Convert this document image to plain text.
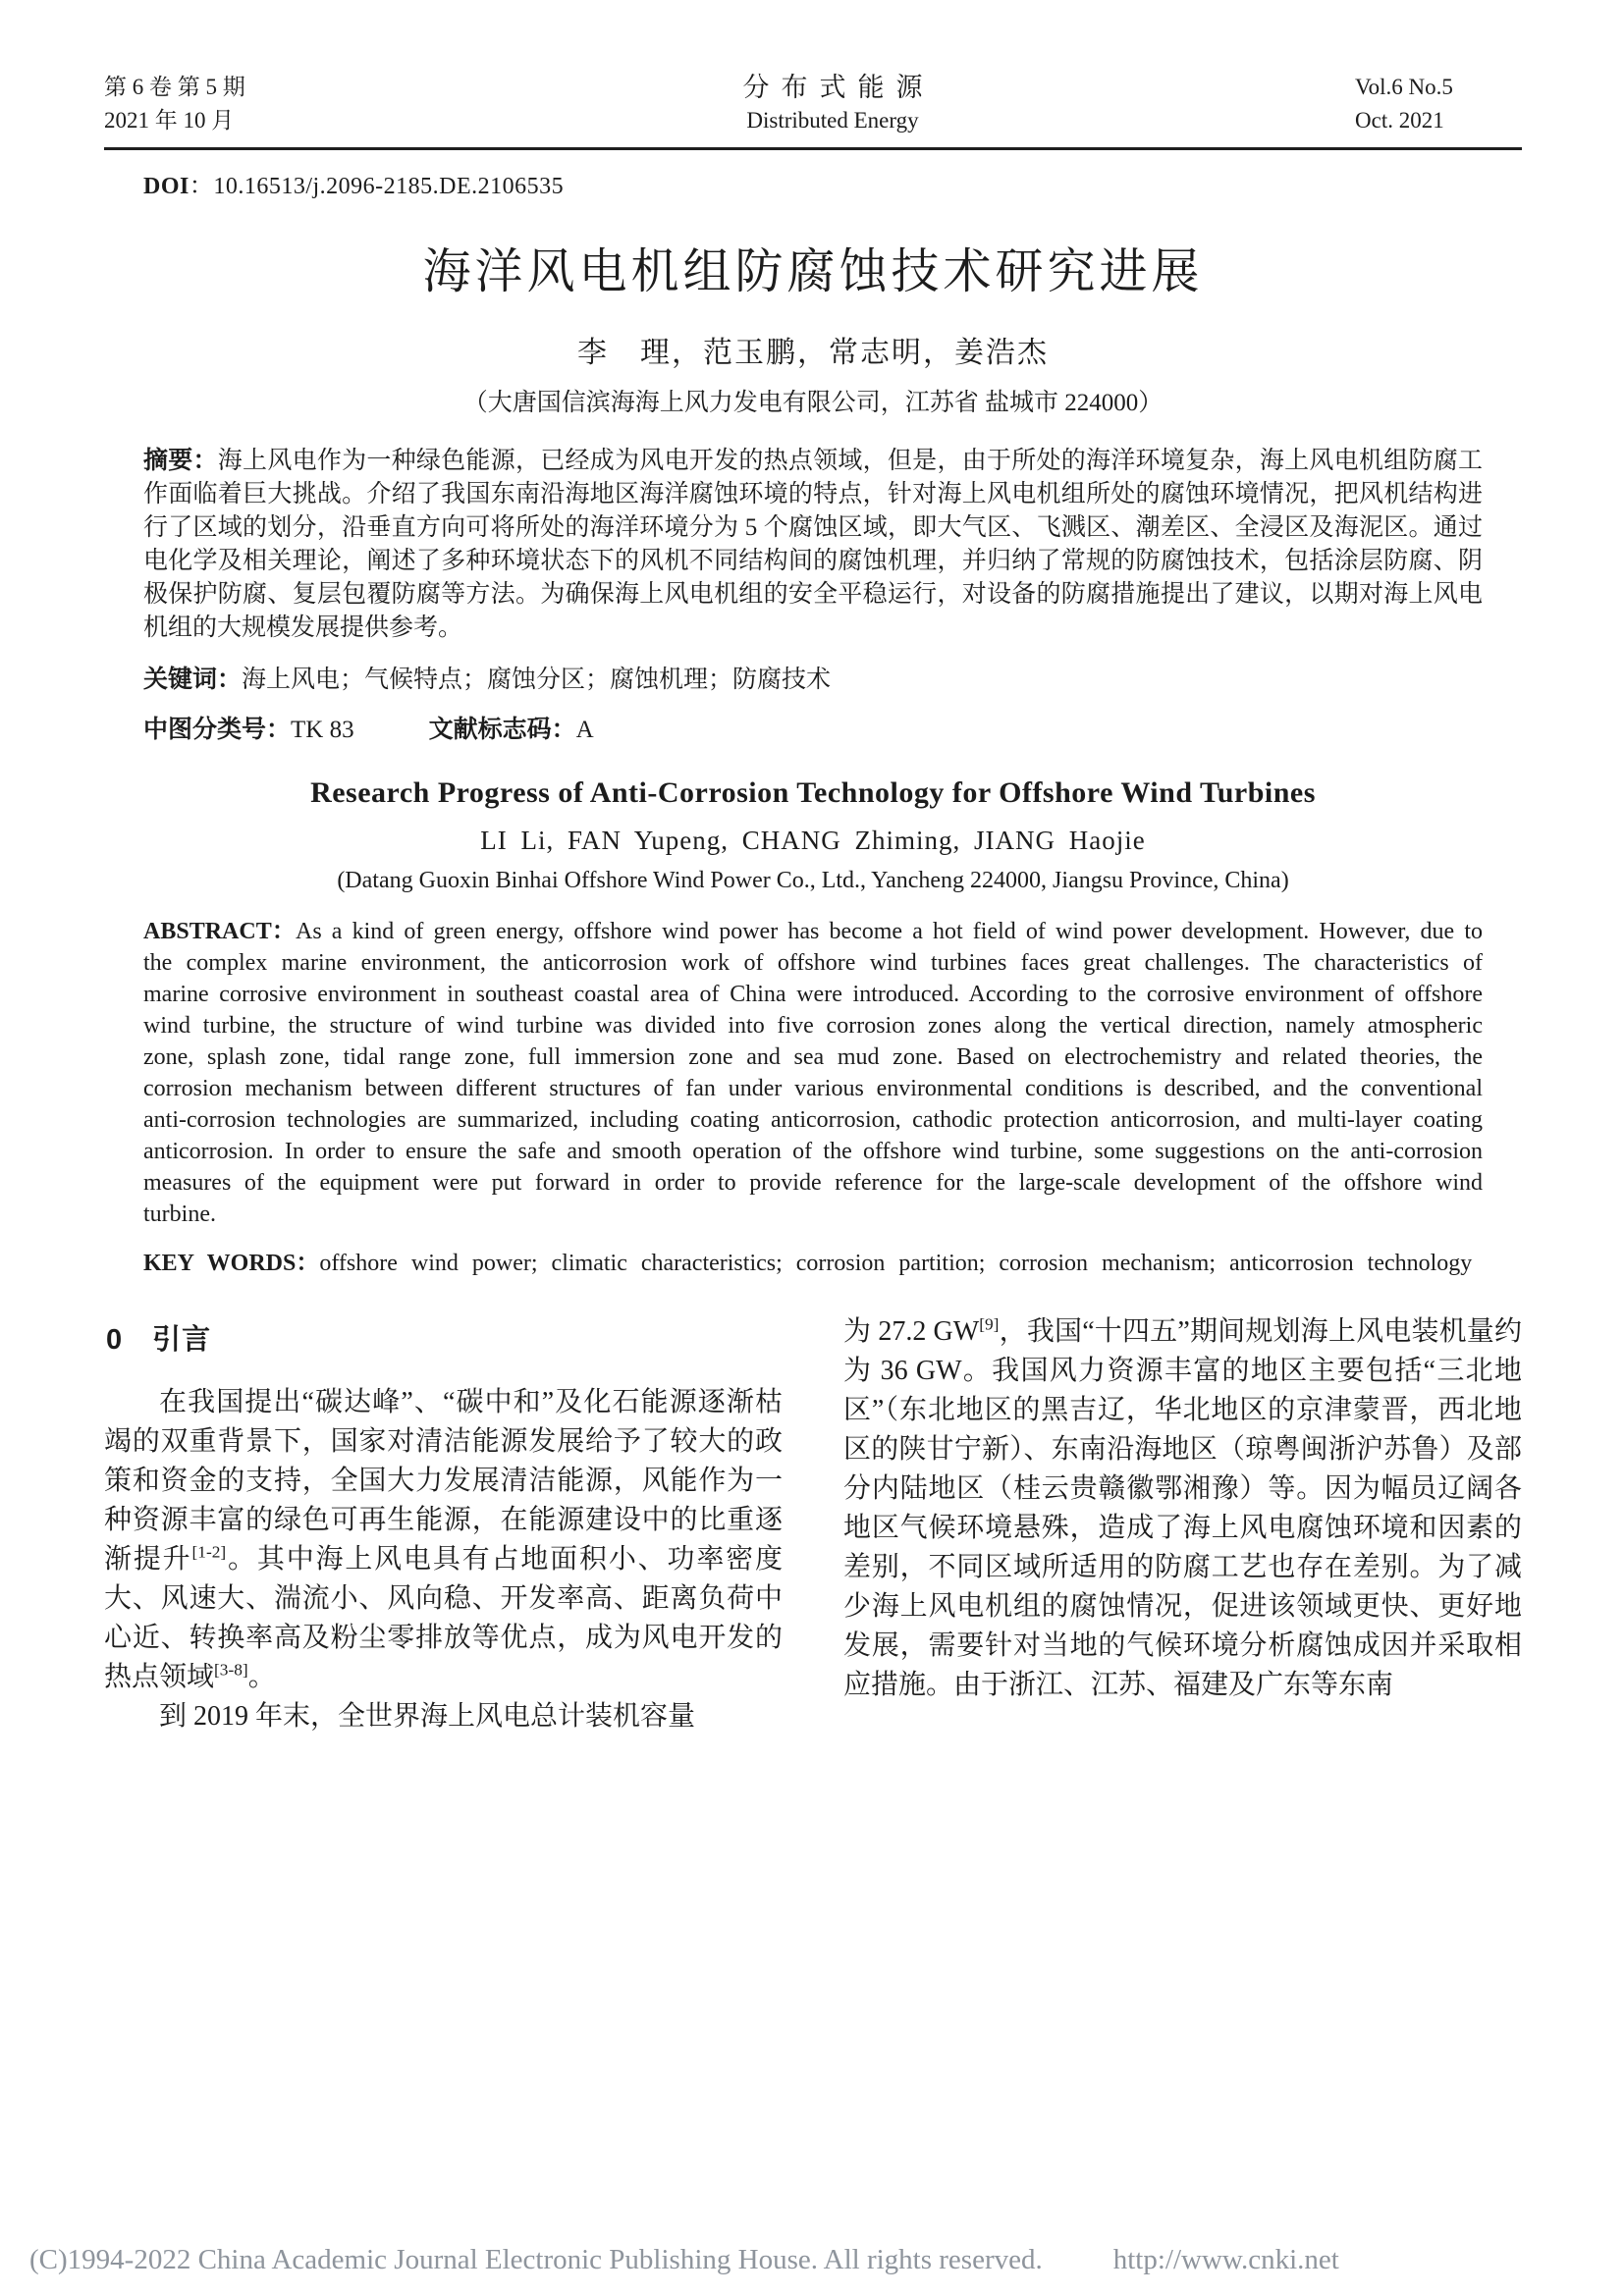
第 6 卷 第 5 期
2021 年 10 月
分布式能源
Distributed Energy
Vol.6 No.5
Oct. 2021
DOI：10.16513/j.2096-2185.DE.2106535
海洋风电机组防腐蚀技术研究进展
李　理，范玉鹏，常志明，姜浩杰
（大唐国信滨海海上风力发电有限公司，江苏省 盐城市 224000）

摘要：海上风电作为一种绿色能源，已经成为风电开发的热点领域，但是，由于所处的海洋环境复杂，海上风电机组防腐工作面临着巨大挑战。介绍了我国东南沿海地区海洋腐蚀环境的特点，针对海上风电机组所处的腐蚀环境情况，把风机结构进行了区域的划分，沿垂直方向可将所处的海洋环境分为 5 个腐蚀区域，即大气区、飞溅区、潮差区、全浸区及海泥区。通过电化学及相关理论，阐述了多种环境状态下的风机不同结构间的腐蚀机理，并归纳了常规的防腐蚀技术，包括涂层防腐、阴极保护防腐、复层包覆防腐等方法。为确保海上风电机组的安全平稳运行，对设备的防腐措施提出了建议，以期对海上风电机组的大规模发展提供参考。

关键词：海上风电；气候特点；腐蚀分区；腐蚀机理；防腐技术

中图分类号：TK 83	文献标志码：A

Research Progress of Anti-Corrosion Technology for Offshore Wind Turbines
LI Li, FAN Yupeng, CHANG Zhiming, JIANG Haojie
(Datang Guoxin Binhai Offshore Wind Power Co., Ltd., Yancheng 224000, Jiangsu Province, China)

ABSTRACT：As a kind of green energy, offshore wind power has become a hot field of wind power development. However, due to the complex marine environment, the anticorrosion work of offshore wind turbines faces great challenges. The characteristics of marine corrosive environment in southeast coastal area of China were introduced. According to the corrosive environment of offshore wind turbine, the structure of wind turbine was divided into five corrosion zones along the vertical direction, namely atmospheric zone, splash zone, tidal range zone, full immersion zone and sea mud zone. Based on electrochemistry and related theories, the corrosion mechanism between different structures of fan under various environmental conditions is described, and the conventional anti-corrosion technologies are summarized, including coating anticorrosion, cathodic protection anticorrosion, and multi-layer coating anticorrosion. In order to ensure the safe and smooth operation of the offshore wind turbine, some suggestions on the anti-corrosion measures of the equipment were put forward in order to provide reference for the large-scale development of the offshore wind turbine.

KEY WORDS：offshore wind power; climatic characteristics; corrosion partition; corrosion mechanism; anticorrosion technology

0　引言

在我国提出“碳达峰”、“碳中和”及化石能源逐渐枯竭的双重背景下，国家对清洁能源发展给予了较大的政策和资金的支持，全国大力发展清洁能源，风能作为一种资源丰富的绿色可再生能源，在能源建设中的比重逐渐提升[1-2]。其中海上风电具有占地面积小、功率密度大、风速大、湍流小、风向稳、开发率高、距离负荷中心近、转换率高及粉尘零排放等优点，成为风电开发的热点领域[3-8]。

到 2019 年末，全世界海上风电总计装机容量

为 27.2 GW[9]，我国“十四五”期间规划海上风电装机量约为 36 GW。我国风力资源丰富的地区主要包括“三北地区”（东北地区的黑吉辽，华北地区的京津蒙晋，西北地区的陕甘宁新）、东南沿海地区（琼粤闽浙沪苏鲁）及部分内陆地区（桂云贵赣徽鄂湘豫）等。因为幅员辽阔各地区气候环境悬殊，造成了海上风电腐蚀环境和因素的差别，不同区域所适用的防腐工艺也存在差别。为了减少海上风电机组的腐蚀情况，促进该领域更快、更好地发展，需要针对当地的气候环境分析腐蚀成因并采取相应措施。由于浙江、江苏、福建及广东等东南

(C)1994-2022 China Academic Journal Electronic Publishing House. All rights reserved. http://www.cnki.net
